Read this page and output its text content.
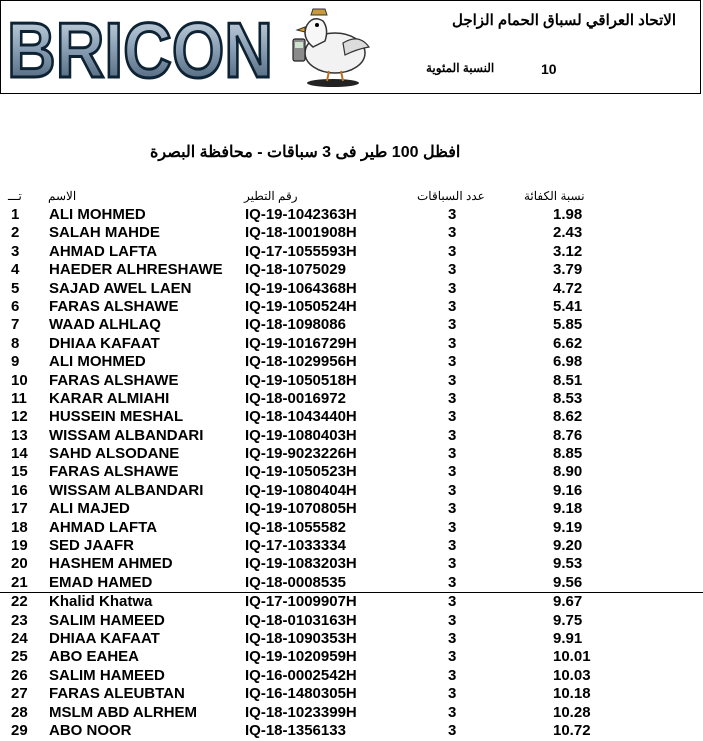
BRICON	الاتحاد العراقي لسباق الحمام الزاجل
النسبة المئوية	10
افظل 100 طير فى 3 سباقات - محافظة البصرة
تـــ الاسم	رقم التطير	عدد السباقات	نسبة الكفائة
1 ALI MOHMED	IQ-19-1042363H	3	1.98
2 SALAH MAHDE	IQ-18-1001908H	3	2.43
3 AHMAD LAFTA	IQ-17-1055593H	3	3.12
4 HAEDER ALHRESHAWE IQ-18-1075029	3	3.79
5 SAJAD AWEL LAEN	IQ-19-1064368H	3	4.72
6 FARAS ALSHAWE	IQ-19-1050524H	3	5.41
7 WAAD ALHLAQ	IQ-18-1098086	3	5.85
8 DHIAA KAFAAT	IQ-19-1016729H	3	6.62
9 ALI MOHMED	IQ-18-1029956H	3	6.98
10 FARAS ALSHAWE	IQ-19-1050518H	3	8.51
11 KARAR ALMIAHI	IQ-18-0016972	3	8.53
12 HUSSEIN MESHAL	IQ-18-1043440H	3	8.62
13 WISSAM ALBANDARI	IQ-19-1080403H	3	8.76
14 SAHD ALSODANE	IQ-19-9023226H	3	8.85
15 FARAS ALSHAWE	IQ-19-1050523H	3	8.90
16 WISSAM ALBANDARI	IQ-19-1080404H	3	9.16
17 ALI MAJED	IQ-19-1070805H	3	9.18
18 AHMAD LAFTA	IQ-18-1055582	3	9.19
19 SED JAAFR	IQ-17-1033334	3	9.20
20 HASHEM AHMED	IQ-19-1083203H	3	9.53
21 EMAD HAMED	IQ-18-0008535	3	9.56
22 Khalid Khatwa	IQ-17-1009907H	3	9.67
23 SALIM HAMEED	IQ-18-0103163H	3	9.75
24 DHIAA KAFAAT	IQ-18-1090353H	3	9.91
25 ABO EAHEA	IQ-19-1020959H	3	10.01
26 SALIM HAMEED	IQ-16-0002542H	3	10.03
27 FARAS ALEUBTAN	IQ-16-1480305H	3	10.18
28 MSLM ABD ALRHEM	IQ-18-1023399H	3	10.28
29 ABO NOOR	IQ-18-1356133	3	10.72
